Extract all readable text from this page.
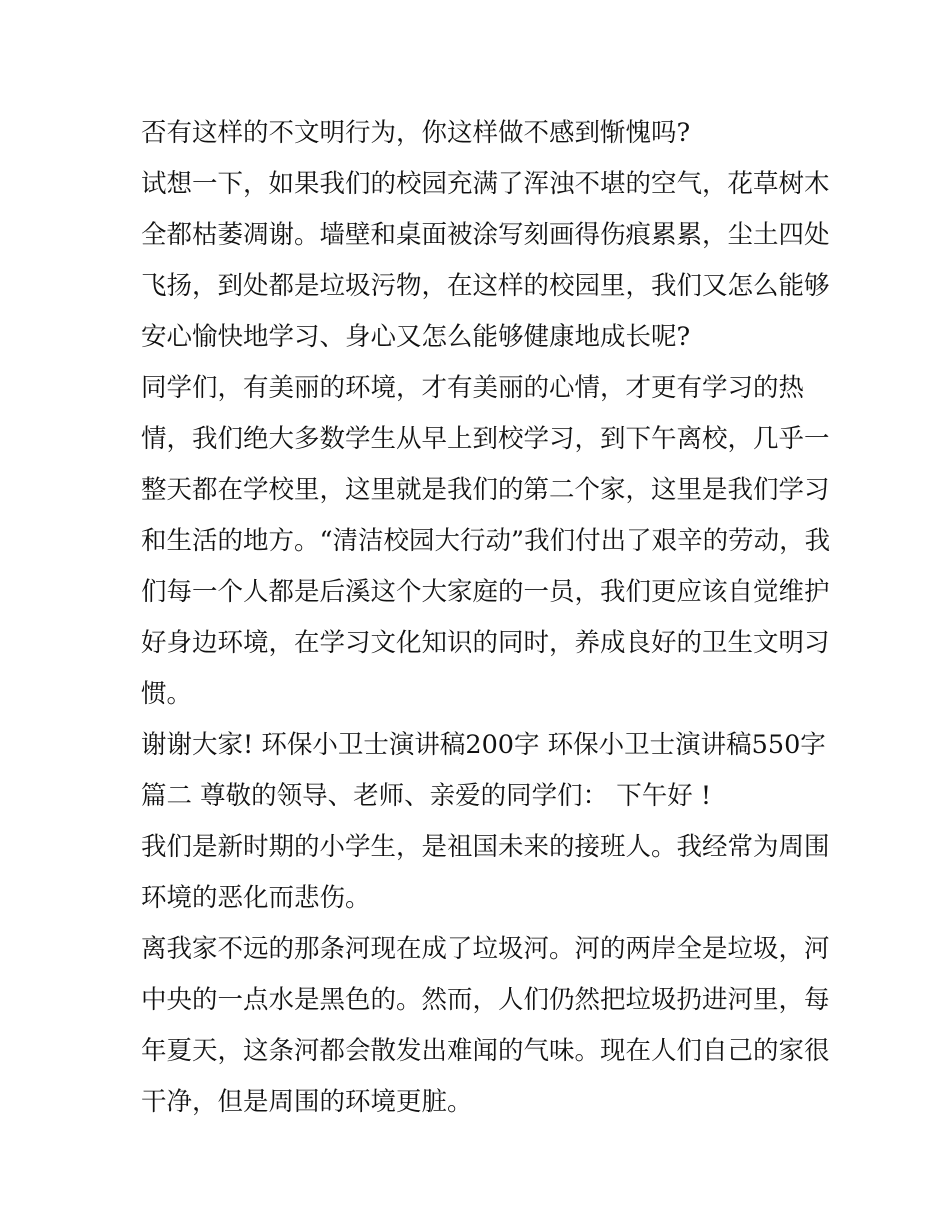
否有这样的不文明行为，你这样做不感到惭愧吗?
试想一下，如果我们的校园充满了浑浊不堪的空气，花草树木
全都枯萎凋谢。墙壁和桌面被涂写刻画得伤痕累累，尘土四处
飞扬，到处都是垃圾污物，在这样的校园里，我们又怎么能够
安心愉快地学习、身心又怎么能够健康地成长呢?
同学们，有美丽的环境，才有美丽的心情，才更有学习的热
情，我们绝大多数学生从早上到校学习，到下午离校，几乎一
整天都在学校里，这里就是我们的第二个家，这里是我们学习
和生活的地方。“清洁校园大行动”我们付出了艰辛的劳动，我
们每一个人都是后溪这个大家庭的一员，我们更应该自觉维护
好身边环境，在学习文化知识的同时，养成良好的卫生文明习
惯。
谢谢大家! 环保小卫士演讲稿200字 环保小卫士演讲稿550字
篇二 尊敬的领导、老师、亲爱的同学们： 下午好 !
我们是新时期的小学生，是祖国未来的接班人。我经常为周围
环境的恶化而悲伤。
离我家不远的那条河现在成了垃圾河。河的两岸全是垃圾，河
中央的一点水是黑色的。然而，人们仍然把垃圾扔进河里，每
年夏天，这条河都会散发出难闻的气味。现在人们自己的家很
干净，但是周围的环境更脏。
